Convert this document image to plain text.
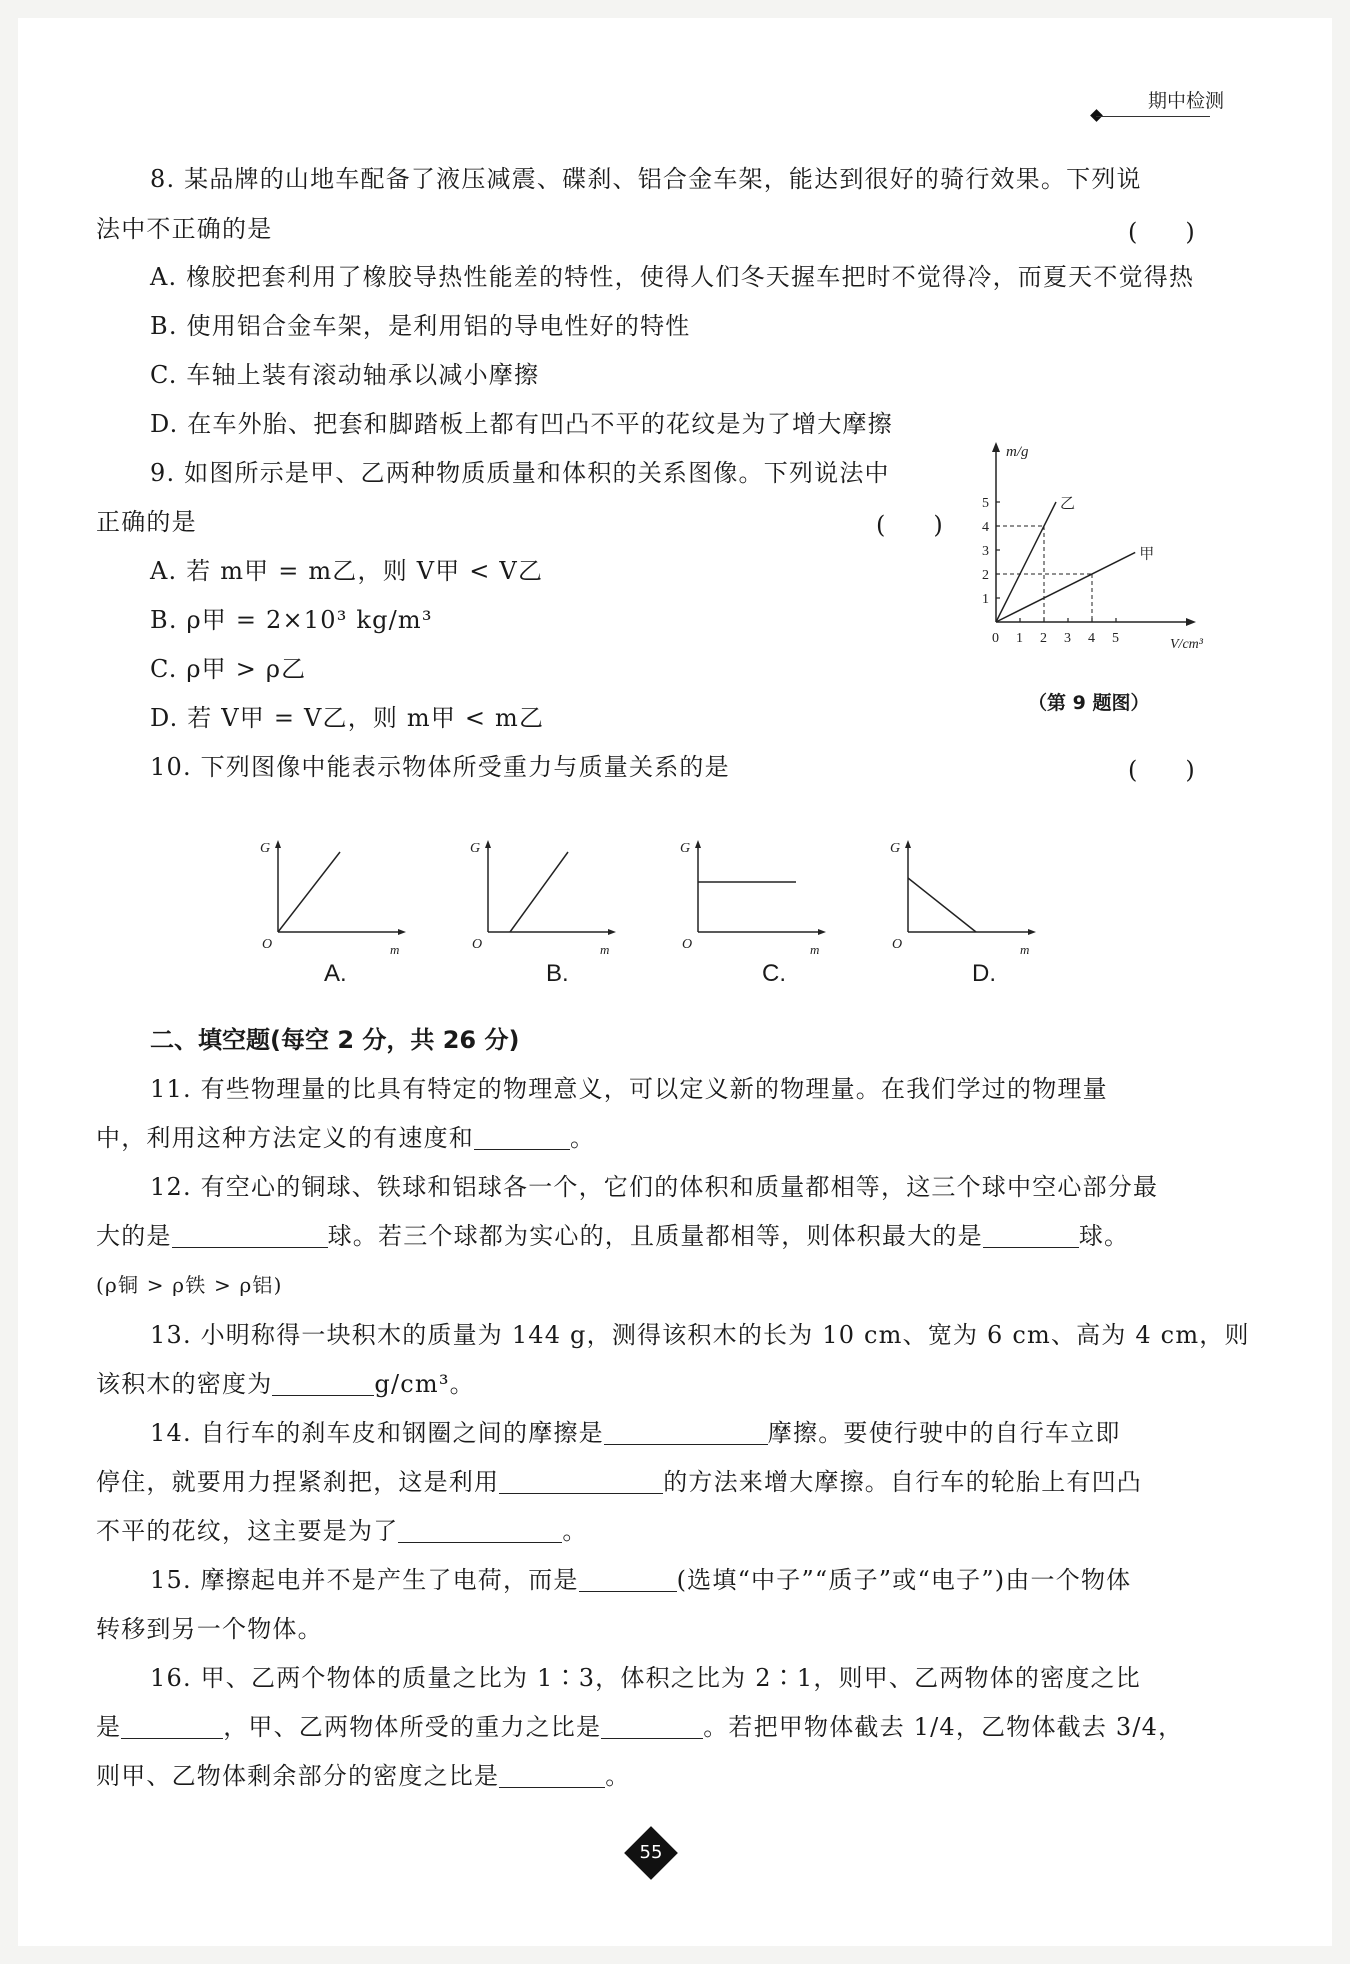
期中检测
8. 某品牌的山地车配备了液压减震、碟刹、铝合金车架，能达到很好的骑行效果。下列说
法中不正确的是	(　　)
A. 橡胶把套利用了橡胶导热性能差的特性，使得人们冬天握车把时不觉得冷，而夏天不觉得热
B. 使用铝合金车架，是利用铝的导电性好的特性
C. 车轴上装有滚动轴承以减小摩擦
D. 在车外胎、把套和脚踏板上都有凹凸不平的花纹是为了增大摩擦
9. 如图所示是甲、乙两种物质质量和体积的关系图像。下列说法中
正确的是	(　　)
A. 若 m甲 = m乙，则 V甲 < V乙
B. ρ甲 = 2×10³ kg/m³
C. ρ甲 > ρ乙
D. 若 V甲 = V乙，则 m甲 < m乙
m/g
V/cm³
0 1 2 3 4 5
1
2
3
4
5	乙
甲
（第 9 题图）
10. 下列图像中能表示物体所受重力与质量关系的是	(　　)
G
m
O
G
m
O
G
m
O
G
m
O
A.	B.	C.	D.
二、填空题(每空 2 分，共 26 分)
11. 有些物理量的比具有特定的物理意义，可以定义新的物理量。在我们学过的物理量
中，利用这种方法定义的有速度和	。
12. 有空心的铜球、铁球和铝球各一个，它们的体积和质量都相等，这三个球中空心部分最
大的是	球。若三个球都为实心的，且质量都相等，则体积最大的是	球。
(ρ铜 > ρ铁 > ρ铝)
13. 小明称得一块积木的质量为 144 g，测得该积木的长为 10 cm、宽为 6 cm、高为 4 cm，则
该积木的密度为	g/cm³。
14. 自行车的刹车皮和钢圈之间的摩擦是	摩擦。要使行驶中的自行车立即
停住，就要用力捏紧刹把，这是利用	的方法来增大摩擦。自行车的轮胎上有凹凸
不平的花纹，这主要是为了	。
15. 摩擦起电并不是产生了电荷，而是	(选填“中子”“质子”或“电子”)由一个物体
转移到另一个物体。
16. 甲、乙两个物体的质量之比为 1∶3，体积之比为 2∶1，则甲、乙两物体的密度之比
是	，甲、乙两物体所受的重力之比是	。若把甲物体截去 1/4，乙物体截去 3/4，
则甲、乙物体剩余部分的密度之比是	。
55
